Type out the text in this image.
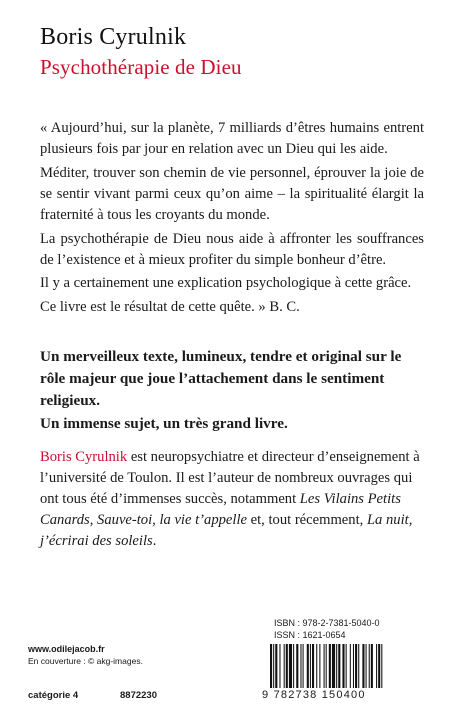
Boris Cyrulnik
Psychothérapie de Dieu
« Aujourd’hui, sur la planète, 7 milliards d’êtres humains entrent plusieurs fois par jour en relation avec un Dieu qui les aide.
Méditer, trouver son chemin de vie personnel, éprouver la joie de se sentir vivant parmi ceux qu’on aime – la spiritualité élargit la fraternité à tous les croyants du monde.
La psychothérapie de Dieu nous aide à affronter les souffrances de l’existence et à mieux profiter du simple bonheur d’être.
Il y a certainement une explication psychologique à cette grâce.
Ce livre est le résultat de cette quête. » B. C.
Un merveilleux texte, lumineux, tendre et original sur le rôle majeur que joue l’attachement dans le sentiment religieux.
Un immense sujet, un très grand livre.
Boris Cyrulnik est neuropsychiatre et directeur d’enseignement à l’université de Toulon. Il est l’auteur de nombreux ouvrages qui ont tous été d’immenses succès, notamment Les Vilains Petits Canards, Sauve-toi, la vie t’appelle et, tout récemment, La nuit, j’écrirai des soleils.
ISBN : 978-2-7381-5040-0
ISSN : 1621-0654
9 782738 150400
www.odilejacob.fr
En couverture : © akg-images.
catégorie 4	8872230
